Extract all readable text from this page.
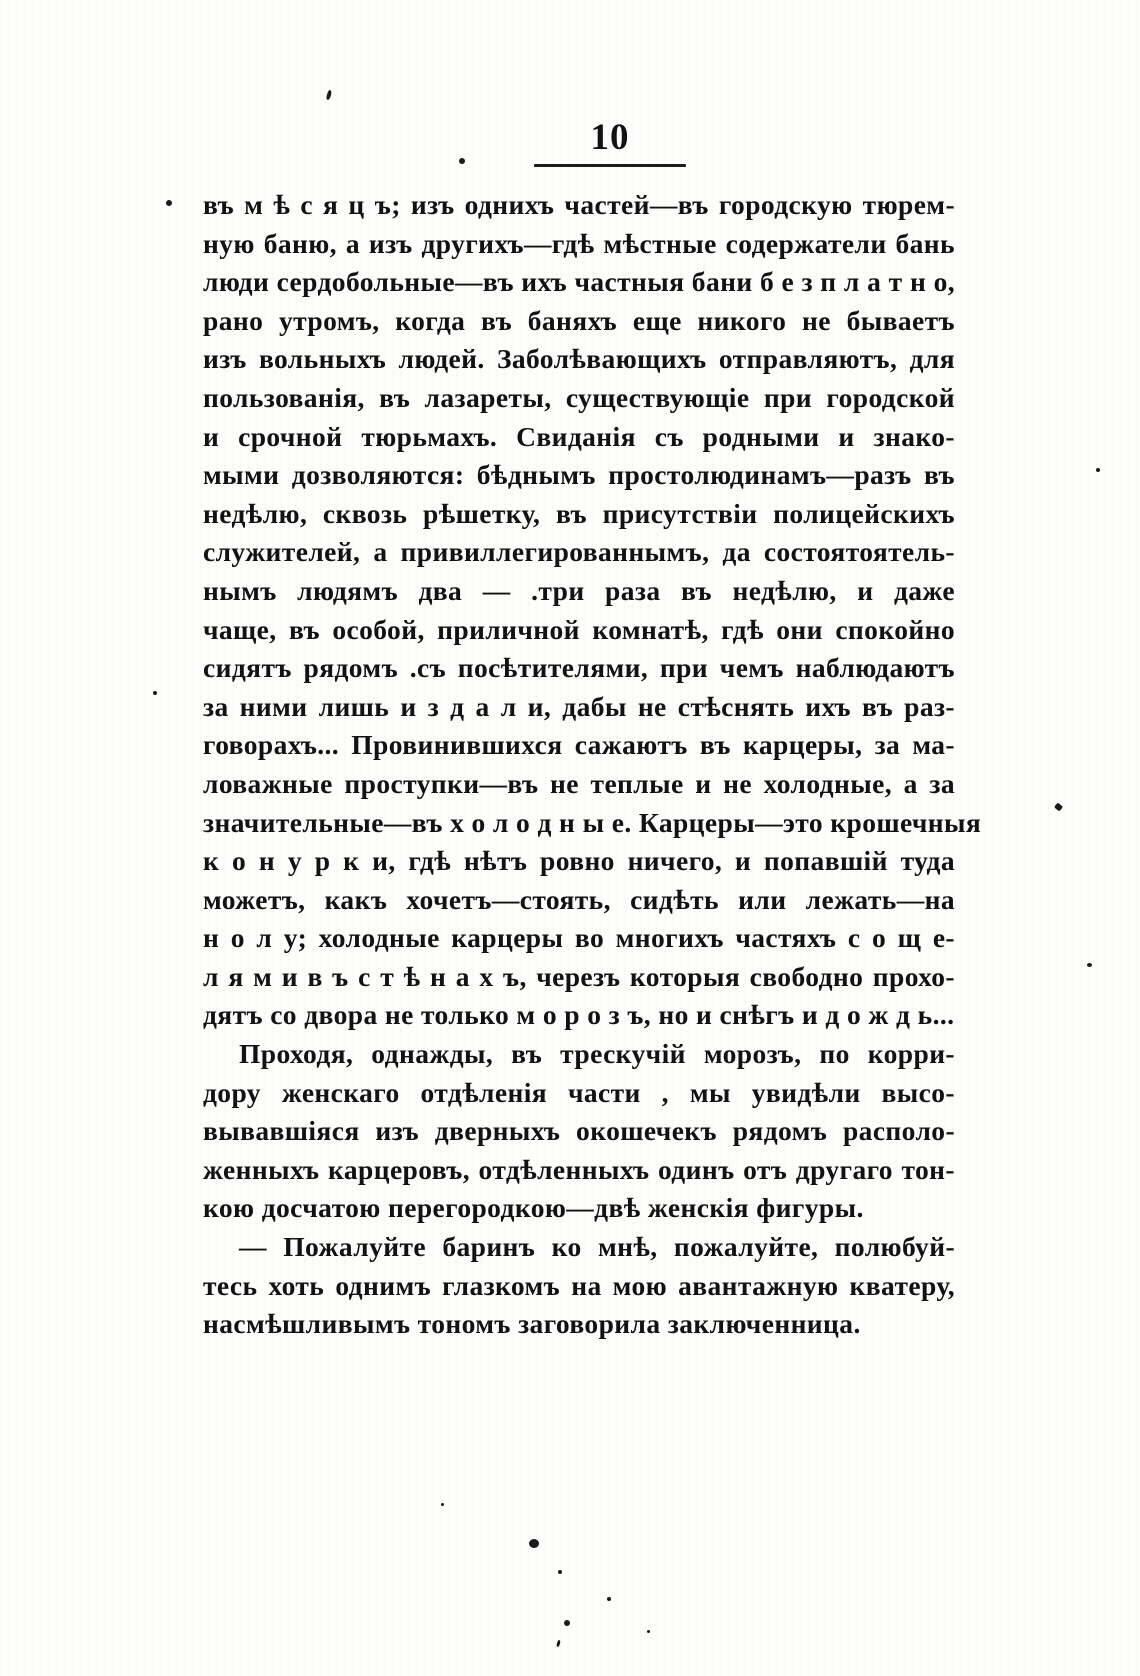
10
въ м ѣ с я ц ъ; изъ однихъ частей—въ городскую тюрем-
ную баню, а изъ другихъ—гдѣ мѣстные содержатели бань
люди сердобольные—въ ихъ частныя бани б е з п л а т н о,
рано утромъ, когда въ баняхъ еще никого не бываетъ
изъ вольныхъ людей. Заболѣвающихъ отправляютъ, для
пользованія, въ лазареты, существующіе при городской
и срочной тюрьмахъ. Свиданія съ родными и знако-
мыми дозволяются: бѣднымъ простолюдинамъ—разъ въ
недѣлю, сквозь рѣшетку, въ присутствіи полицейскихъ
служителей, а привиллегированнымъ, да состоятоятель-
нымъ людямъ два — .три раза въ недѣлю, и даже
чаще, въ особой, приличной комнатѣ, гдѣ они спокойно
сидятъ рядомъ .съ посѣтителями, при чемъ наблюдаютъ
за ними лишь и з д а л и, дабы не стѣснять ихъ въ раз-
говорахъ... Провинившихся сажаютъ въ карцеры, за ма-
ловажные проступки—въ не теплые и не холодные, а за
значительные—въ х о л о д н ы е. Карцеры—это крошечныя
к о н у р к и, гдѣ нѣтъ ровно ничего, и попавшій туда
можетъ, какъ хочетъ—стоять, сидѣть или лежать—на
н о л у; холодные карцеры во многихъ частяхъ с о щ е-
л я м и в ъ с т ѣ н а х ъ, черезъ которыя свободно прохо-
дятъ со двора не только м о р о з ъ, но и снѣгъ и д о ж д ь...
Проходя, однажды, въ трескучій морозъ, по корри-
дору женскаго отдѣленія части , мы увидѣли высо-
вывавшіяся изъ дверныхъ окошечекъ рядомъ располо-
женныхъ карцеровъ, отдѣленныхъ одинъ отъ другаго тон-
кою досчатою перегородкою—двѣ женскія фигуры.
— Пожалуйте баринъ ко мнѣ, пожалуйте, полюбуй-
тесь хоть однимъ глазкомъ на мою авантажную кватеру,
насмѣшливымъ тономъ заговорила заключенница.
